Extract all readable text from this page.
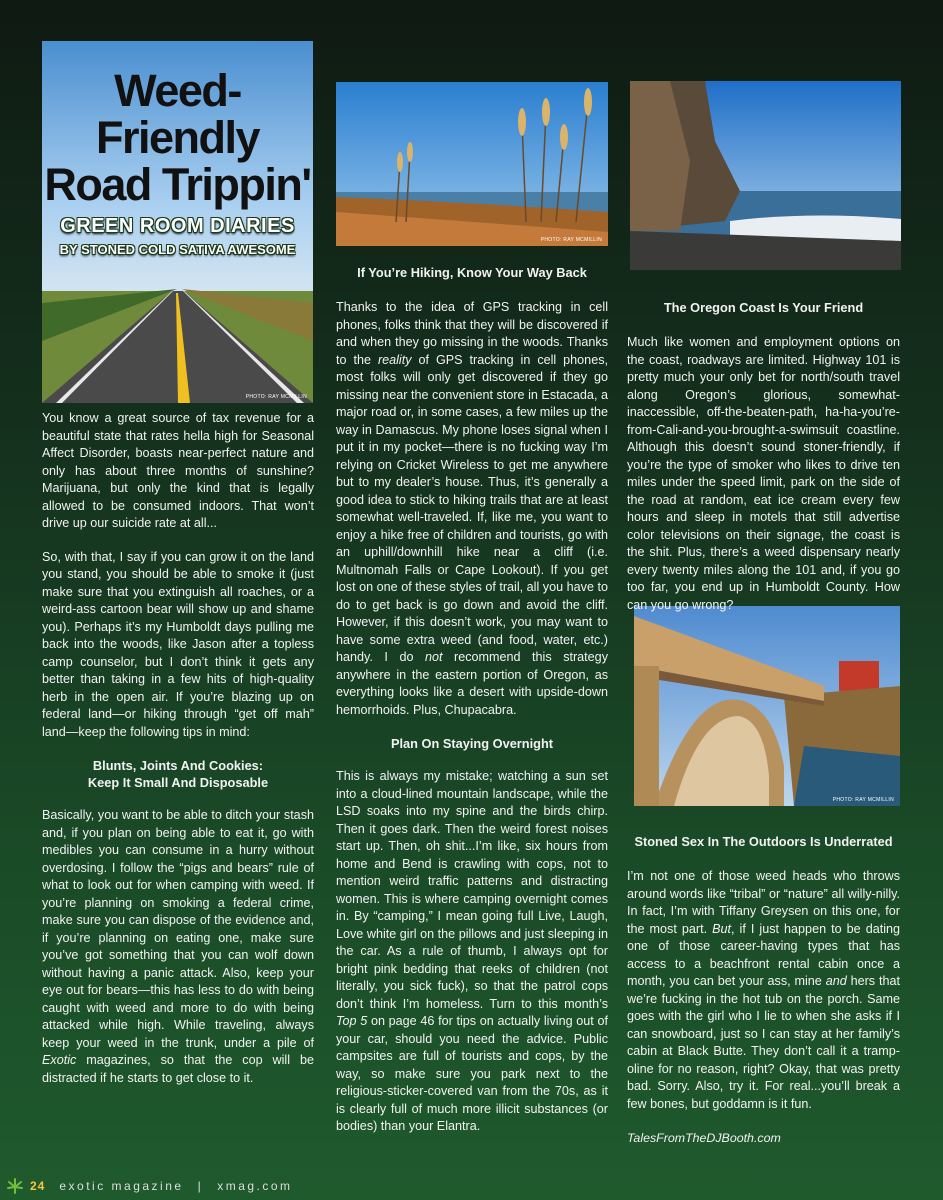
Weed-Friendly
Road Trippin'
GREEN ROOM DIARIES
BY STONED COLD SATIVA AWESOME
PHOTO: RAY MCMILLIN
PHOTO: RAY MCMILLIN
PHOTO: RAY MCMILLIN

You know a great source of tax revenue for a beautiful state that rates hella high for Seasonal Affect Disorder, boasts near-perfect nature and only has about three months of sunshine? Marijuana, but only the kind that is legally allowed to be consumed indoors. That won’t drive up our suicide rate at all...

So, with that, I say if you can grow it on the land you stand, you should be able to smoke it (just make sure that you extinguish all roaches, or a weird-ass cartoon bear will show up and shame you). Perhaps it’s my Humboldt days pulling me back into the woods, like Jason after a topless camp counselor, but I don’t think it gets any better than taking in a few hits of high-quality herb in the open air. If you’re blazing up on federal land—or hiking through “get off mah” land—keep the following tips in mind:

Blunts, Joints And Cookies:
Keep It Small And Disposable

Basically, you want to be able to ditch your stash and, if you plan on being able to eat it, go with medibles you can consume in a hurry without overdosing. I follow the “pigs and bears” rule of what to look out for when camping with weed. If you’re planning on smoking a federal crime, make sure you can dispose of the evidence and, if you’re planning on eating one, make sure you’ve got something that you can wolf down without having a panic attack. Also, keep your eye out for bears—this has less to do with being caught with weed and more to do with being attacked while high. While traveling, always keep your weed in the trunk, under a pile of Exotic magazines, so that the cop will be distracted if he starts to get close to it.

If You’re Hiking, Know Your Way Back

Thanks to the idea of GPS tracking in cell phones, folks think that they will be discovered if and when they go missing in the woods. Thanks to the reality of GPS tracking in cell phones, most folks will only get discovered if they go missing near the convenient store in Estacada, a major road or, in some cases, a few miles up the way in Damascus. My phone loses signal when I put it in my pocket—there is no fucking way I’m relying on Cricket Wireless to get me anywhere but to my dealer’s house. Thus, it’s generally a good idea to stick to hiking trails that are at least somewhat well-traveled. If, like me, you want to enjoy a hike free of children and tourists, go with an uphill/downhill hike near a cliff (i.e. Multnomah Falls or Cape Lookout). If you get lost on one of these styles of trail, all you have to do to get back is go down and avoid the cliff. However, if this doesn’t work, you may want to have some extra weed (and food, water, etc.) handy. I do not recommend this strategy anywhere in the eastern portion of Oregon, as everything looks like a desert with upside-down hemorrhoids. Plus, Chupacabra.

Plan On Staying Overnight

This is always my mistake; watching a sun set into a cloud-lined mountain landscape, while the LSD soaks into my spine and the birds chirp. Then it goes dark. Then the weird forest noises start up. Then, oh shit...I’m like, six hours from home and Bend is crawling with cops, not to mention weird traffic patterns and distracting women. This is where camping overnight comes in. By “camping,” I mean going full Live, Laugh, Love white girl on the pillows and just sleeping in the car. As a rule of thumb, I always opt for bright pink bedding that reeks of children (not literally, you sick fuck), so that the patrol cops don’t think I’m homeless. Turn to this month’s Top 5 on page 46 for tips on actually living out of your car, should you need the advice. Public campsites are full of tourists and cops, by the way, so make sure you park next to the religious-sticker-covered van from the 70s, as it is clearly full of much more illicit substances (or bodies) than your Elantra.

The Oregon Coast Is Your Friend

Much like women and employment options on the coast, roadways are limited. Highway 101 is pretty much your only bet for north/south travel along Oregon’s glorious, somewhat-inaccessible, off-the-beaten-path, ha-ha-you’re-from-Cali-and-you-brought-a-swimsuit coastline. Although this doesn’t sound stoner-friendly, if you’re the type of smoker who likes to drive ten miles under the speed limit, park on the side of the road at random, eat ice cream every few hours and sleep in motels that still advertise color televisions on their signage, the coast is the shit. Plus, there’s a weed dispensary nearly every twenty miles along the 101 and, if you go too far, you end up in Humboldt County. How can you go wrong?

Stoned Sex In The Outdoors Is Underrated

I’m not one of those weed heads who throws around words like “tribal” or “nature” all willy-nilly. In fact, I’m with Tiffany Greysen on this one, for the most part. But, if I just happen to be dating one of those career-having types that has access to a beachfront rental cabin once a month, you can bet your ass, mine and hers that we’re fucking in the hot tub on the porch. Same goes with the girl who I lie to when she asks if I can snowboard, just so I can stay at her family’s cabin at Black Butte. They don’t call it a tramp-oline for no reason, right? Okay, that was pretty bad. Sorry. Also, try it. For real...you’ll break a few bones, but goddamn is it fun.

TalesFromTheDJBooth.com
24 exotic magazine | xmag.com
